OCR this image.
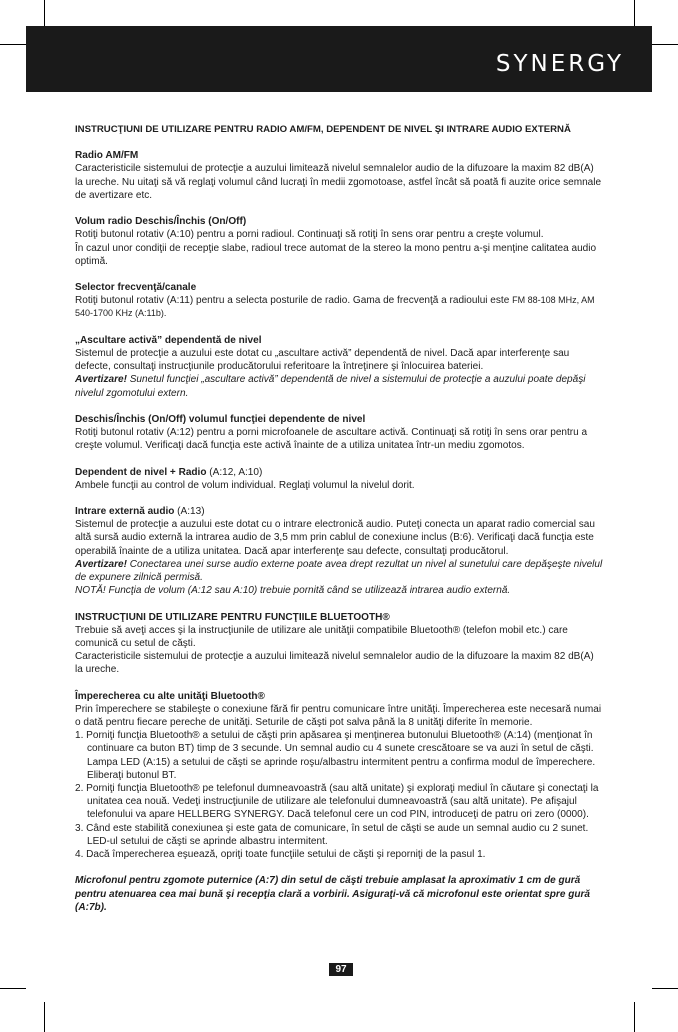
SYNERGY
INSTRUCŢIUNI DE UTILIZARE PENTRU RADIO AM/FM, DEPENDENT DE NIVEL ŞI INTRARE AUDIO EXTERNĂ

Radio AM/FM

Caracteristicile sistemului de protecţie a auzului limitează nivelul semnalelor audio de la difuzoare la maxim 82 dB(A) la ureche. Nu uitaţi să vă reglaţi volumul când lucraţi în medii zgomotoase, astfel încât să poată fi auzite orice semnale de avertizare etc.

Volum radio Deschis/Închis (On/Off)

Rotiţi butonul rotativ (A:10) pentru a porni radioul. Continuaţi să rotiţi în sens orar pentru a creşte volumul.

În cazul unor condiţii de recepţie slabe, radioul trece automat de la stereo la mono pentru a-şi menţine calitatea audio optimă.

Selector frecvenţă/canale

Rotiţi butonul rotativ (A:11) pentru a selecta posturile de radio. Gama de frecvenţă a radioului este FM 88-108 MHz, AM 540-1700 KHz (A:11b).

„Ascultare activă” dependentă de nivel

Sistemul de protecţie a auzului este dotat cu „ascultare activă” dependentă de nivel. Dacă apar interferenţe sau defecte, consultaţi instrucţiunile producătorului referitoare la întreţinere şi înlocuirea bateriei.

Avertizare! Sunetul funcţiei „ascultare activă” dependentă de nivel a sistemului de protecţie a auzului poate depăşi nivelul zgomotului extern.

Deschis/Închis (On/Off) volumul funcţiei dependente de nivel

Rotiţi butonul rotativ (A:12) pentru a porni microfoanele de ascultare activă. Continuaţi să rotiţi în sens orar pentru a creşte volumul. Verificaţi dacă funcţia este activă înainte de a utiliza unitatea într-un mediu zgomotos.

Dependent de nivel + Radio (A:12, A:10)

Ambele funcţii au control de volum individual. Reglaţi volumul la nivelul dorit.

Intrare externă audio (A:13)

Sistemul de protecţie a auzului este dotat cu o intrare electronică audio. Puteţi conecta un aparat radio comercial sau altă sursă audio externă la intrarea audio de 3,5 mm prin cablul de conexiune inclus (B:6). Verificaţi dacă funcţia este operabilă înainte de a utiliza unitatea. Dacă apar interferenţe sau defecte, consultaţi producătorul.

Avertizare! Conectarea unei surse audio externe poate avea drept rezultat un nivel al sunetului care depăşeşte nivelul de expunere zilnică permisă.

NOTĂ! Funcţia de volum (A:12 sau A:10) trebuie pornită când se utilizează intrarea audio externă.

INSTRUCŢIUNI DE UTILIZARE PENTRU FUNCŢIILE BLUETOOTH®

Trebuie să aveţi acces şi la instrucţiunile de utilizare ale unităţii compatibile Bluetooth® (telefon mobil etc.) care comunică cu setul de căşti.

Caracteristicile sistemului de protecţie a auzului limitează nivelul semnalelor audio de la difuzoare la maxim 82 dB(A) la ureche.

Împerecherea cu alte unităţi Bluetooth®

Prin împerechere se stabileşte o conexiune fără fir pentru comunicare între unităţi. Împerecherea este necesară numai o dată pentru fiecare pereche de unităţi. Seturile de căşti pot salva până la 8 unităţi diferite în memorie.

1. Porniţi funcţia Bluetooth® a setului de căşti prin apăsarea şi menţinerea butonului Bluetooth® (A:14) (menţionat în continuare ca buton BT) timp de 3 secunde. Un semnal audio cu 4 sunete crescătoare se va auzi în setul de căşti. Lampa LED (A:15) a setului de căşti se aprinde roşu/albastru intermitent pentru a confirma modul de împerechere. Eliberaţi butonul BT.
2. Porniţi funcţia Bluetooth® pe telefonul dumneavoastră (sau altă unitate) şi exploraţi mediul în căutare şi conectaţi la unitatea cea nouă. Vedeţi instrucţiunile de utilizare ale telefonului dumneavoastră (sau altă unitate). Pe afişajul telefonului va apare HELLBERG SYNERGY. Dacă telefonul cere un cod PIN, introduceţi de patru ori zero (0000).
3. Când este stabilită conexiunea şi este gata de comunicare, în setul de căşti se aude un semnal audio cu 2 sunet. LED-ul setului de căşti se aprinde albastru intermitent.
4. Dacă împerecherea eşuează, opriţi toate funcţiile setului de căşti şi reporniţi de la pasul 1.

Microfonul pentru zgomote puternice (A:7) din setul de căşti trebuie amplasat la aproximativ 1 cm de gură pentru atenuarea cea mai bună şi recepţia clară a vorbirii. Asiguraţi-vă că microfonul este orientat spre gură (A:7b).

97
